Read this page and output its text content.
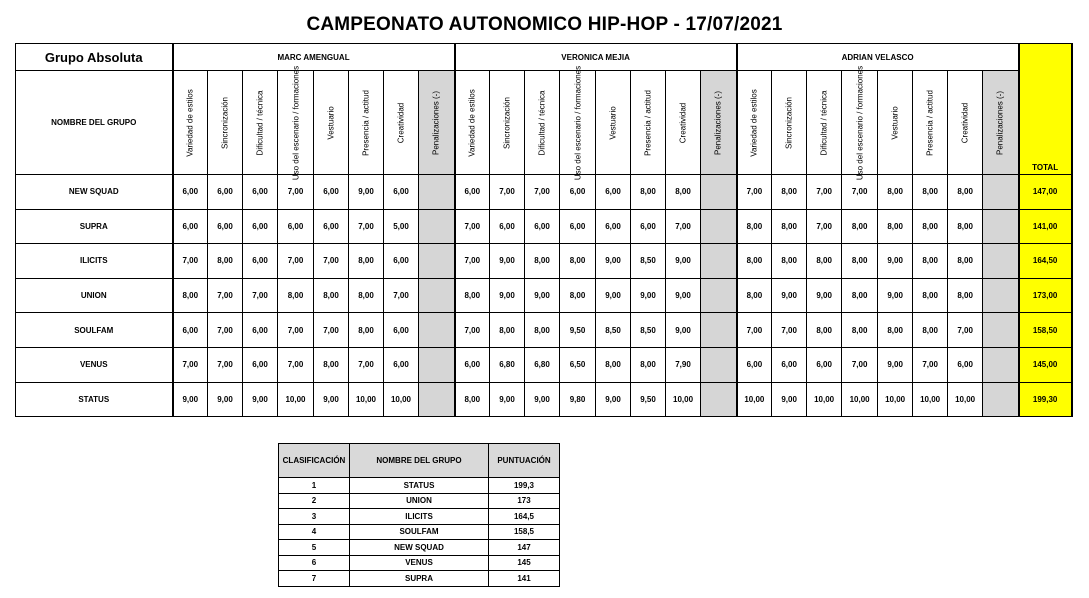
CAMPEONATO AUTONOMICO HIP-HOP - 17/07/2021
Grupo Absoluta	MARC AMENGUAL								VERONICA MEJIA								ADRIAN VELASCO								TOTAL
NOMBRE DEL GRUPO	Variedad de estilos	Sincronización	Dificultad / técnica	Uso del escenario / formaciones	Vestuario	Presencia / actitud	Creatividad	Penalizaciones (-)	Variedad de estilos	Sincronización	Dificultad / técnica	Uso del escenario / formaciones	Vestuario	Presencia / actitud	Creatividad	Penalizaciones (-)	Variedad de estilos	Sincronización	Dificultad / técnica	Uso del escenario / formaciones	Vestuario	Presencia / actitud	Creatividad	Penalizaciones (-)	

NEW SQUAD	6,00	6,00	6,00	7,00	6,00	9,00	6,00		6,00	7,00	7,00	6,00	6,00	8,00	8,00		7,00	8,00	7,00	7,00	8,00	8,00	8,00		147,00
SUPRA	6,00	6,00	6,00	6,00	6,00	7,00	5,00		7,00	6,00	6,00	6,00	6,00	6,00	7,00		8,00	8,00	7,00	8,00	8,00	8,00	8,00		141,00
ILICITS	7,00	8,00	6,00	7,00	7,00	8,00	6,00		7,00	9,00	8,00	8,00	9,00	8,50	9,00		8,00	8,00	8,00	8,00	9,00	8,00	8,00		164,50
UNION	8,00	7,00	7,00	8,00	8,00	8,00	7,00		8,00	9,00	9,00	8,00	9,00	9,00	9,00		8,00	9,00	9,00	8,00	9,00	8,00	8,00		173,00
SOULFAM	6,00	7,00	6,00	7,00	7,00	8,00	6,00		7,00	8,00	8,00	9,50	8,50	8,50	9,00		7,00	7,00	8,00	8,00	8,00	8,00	7,00		158,50
VENUS	7,00	7,00	6,00	7,00	8,00	7,00	6,00		6,00	6,80	6,80	6,50	8,00	8,00	7,90		6,00	6,00	6,00	7,00	9,00	7,00	6,00		145,00
STATUS	9,00	9,00	9,00	10,00	9,00	10,00	10,00		8,00	9,00	9,00	9,80	9,00	9,50	10,00		10,00	9,00	10,00	10,00	10,00	10,00	10,00		199,30
CLASIFICACIÓN	NOMBRE DEL GRUPO	PUNTUACIÓN
1	STATUS	199,3
2	UNION	173
3	ILICITS	164,5
4	SOULFAM	158,5
5	NEW SQUAD	147
6	VENUS	145
7	SUPRA	141
